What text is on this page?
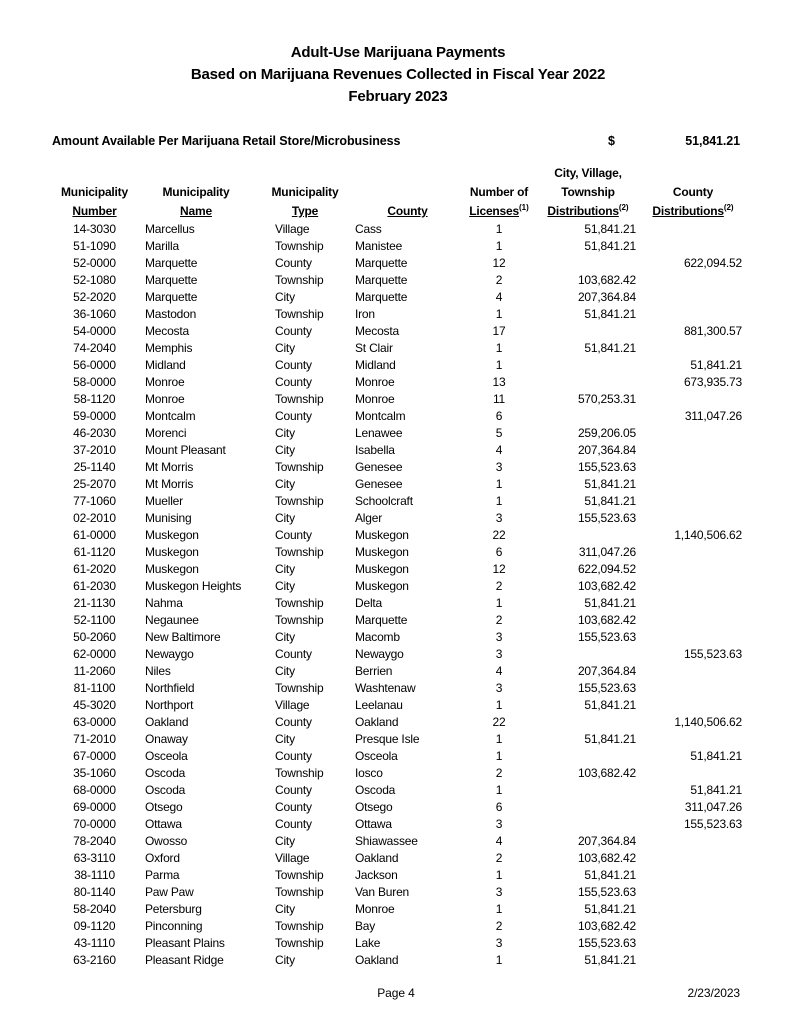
Adult-Use Marijuana Payments
Based on Marijuana Revenues Collected in Fiscal Year 2022
February 2023
Amount Available Per Marijuana Retail Store/Microbusiness	$	51,841.21
Municipality
Number

Municipality
Name

Municipality
Type	County

Number of
Licenses$^{(1)}$

City, Village,
Township
Distributions$^{(2)}$

County
Distributions$^{(2)}$

14-3030	Marcellus	Village	Cass	1	51,841.21	
51-1090	Marilla	Township	Manistee	1	51,841.21	
52-0000	Marquette	County	Marquette	12		622,094.52
52-1080	Marquette	Township	Marquette	2	103,682.42	
52-2020	Marquette	City	Marquette	4	207,364.84	
36-1060	Mastodon	Township	Iron	1	51,841.21	
54-0000	Mecosta	County	Mecosta	17		881,300.57
74-2040	Memphis	City	St Clair	1	51,841.21	
56-0000	Midland	County	Midland	1		51,841.21
58-0000	Monroe	County	Monroe	13		673,935.73
58-1120	Monroe	Township	Monroe	11	570,253.31	
59-0000	Montcalm	County	Montcalm	6		311,047.26
46-2030	Morenci	City	Lenawee	5	259,206.05	
37-2010	Mount Pleasant	City	Isabella	4	207,364.84	
25-1140	Mt Morris	Township	Genesee	3	155,523.63	
25-2070	Mt Morris	City	Genesee	1	51,841.21	
77-1060	Mueller	Township	Schoolcraft	1	51,841.21	
02-2010	Munising	City	Alger	3	155,523.63	
61-0000	Muskegon	County	Muskegon	22		1,140,506.62
61-1120	Muskegon	Township	Muskegon	6	311,047.26	
61-2020	Muskegon	City	Muskegon	12	622,094.52	
61-2030	Muskegon Heights	City	Muskegon	2	103,682.42	
21-1130	Nahma	Township	Delta	1	51,841.21	
52-1100	Negaunee	Township	Marquette	2	103,682.42	
50-2060	New Baltimore	City	Macomb	3	155,523.63	
62-0000	Newaygo	County	Newaygo	3		155,523.63
11-2060	Niles	City	Berrien	4	207,364.84	
81-1100	Northfield	Township	Washtenaw	3	155,523.63	
45-3020	Northport	Village	Leelanau	1	51,841.21	
63-0000	Oakland	County	Oakland	22		1,140,506.62
71-2010	Onaway	City	Presque Isle	1	51,841.21	
67-0000	Osceola	County	Osceola	1		51,841.21
35-1060	Oscoda	Township	Iosco	2	103,682.42	
68-0000	Oscoda	County	Oscoda	1		51,841.21
69-0000	Otsego	County	Otsego	6		311,047.26
70-0000	Ottawa	County	Ottawa	3		155,523.63
78-2040	Owosso	City	Shiawassee	4	207,364.84	
63-3110	Oxford	Village	Oakland	2	103,682.42	
38-1110	Parma	Township	Jackson	1	51,841.21	
80-1140	Paw Paw	Township	Van Buren	3	155,523.63	
58-2040	Petersburg	City	Monroe	1	51,841.21	
09-1120	Pinconning	Township	Bay	2	103,682.42	
43-1110	Pleasant Plains	Township	Lake	3	155,523.63	
63-2160	Pleasant Ridge	City	Oakland	1	51,841.21	
Page 4	2/23/2023
